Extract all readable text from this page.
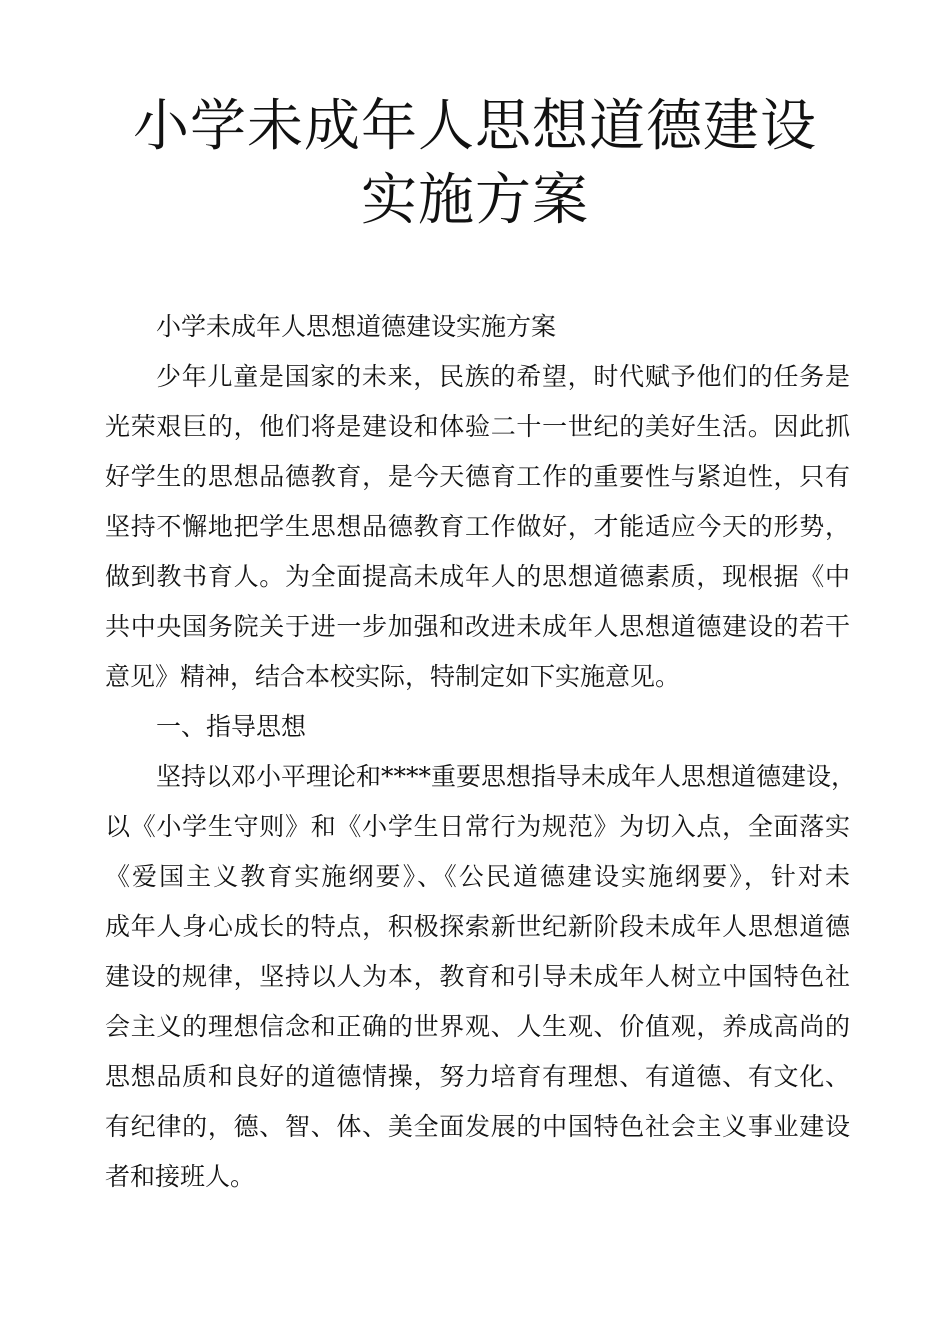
小学未成年人思想道德建设
实施方案
小学未成年人思想道德建设实施方案
少年儿童是国家的未来，民族的希望，时代赋予他们的任务是
光荣艰巨的，他们将是建设和体验二十一世纪的美好生活。因此抓
好学生的思想品德教育，是今天德育工作的重要性与紧迫性，只有
坚持不懈地把学生思想品德教育工作做好，才能适应今天的形势，
做到教书育人。为全面提高未成年人的思想道德素质，现根据《中
共中央国务院关于进一步加强和改进未成年人思想道德建设的若干
意见》精神，结合本校实际，特制定如下实施意见。
一、指导思想
坚持以邓小平理论和****重要思想指导未成年人思想道德建设，
以《小学生守则》和《小学生日常行为规范》为切入点，全面落实
《爱国主义教育实施纲要》、《公民道德建设实施纲要》，针对未
成年人身心成长的特点，积极探索新世纪新阶段未成年人思想道德
建设的规律，坚持以人为本，教育和引导未成年人树立中国特色社
会主义的理想信念和正确的世界观、人生观、价值观，养成高尚的
思想品质和良好的道德情操，努力培育有理想、有道德、有文化、
有纪律的，德、智、体、美全面发展的中国特色社会主义事业建设
者和接班人。
